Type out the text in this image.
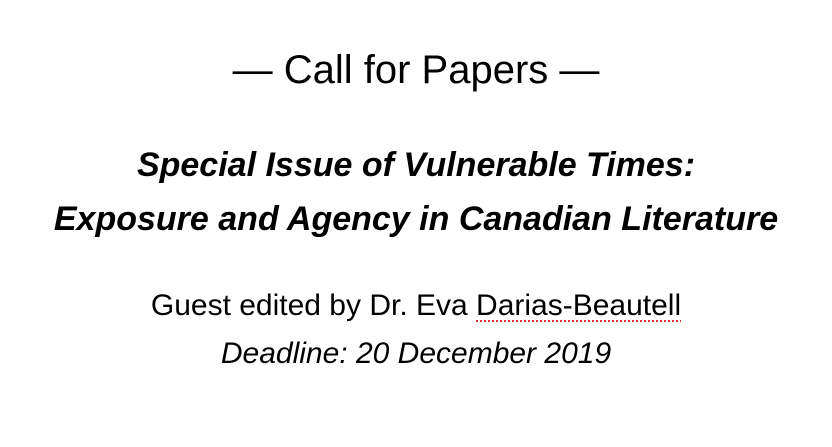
— Call for Papers —
Special Issue of Vulnerable Times:
Exposure and Agency in Canadian Literature
Guest edited by Dr. Eva Darias-Beautell
Deadline: 20 December 2019
